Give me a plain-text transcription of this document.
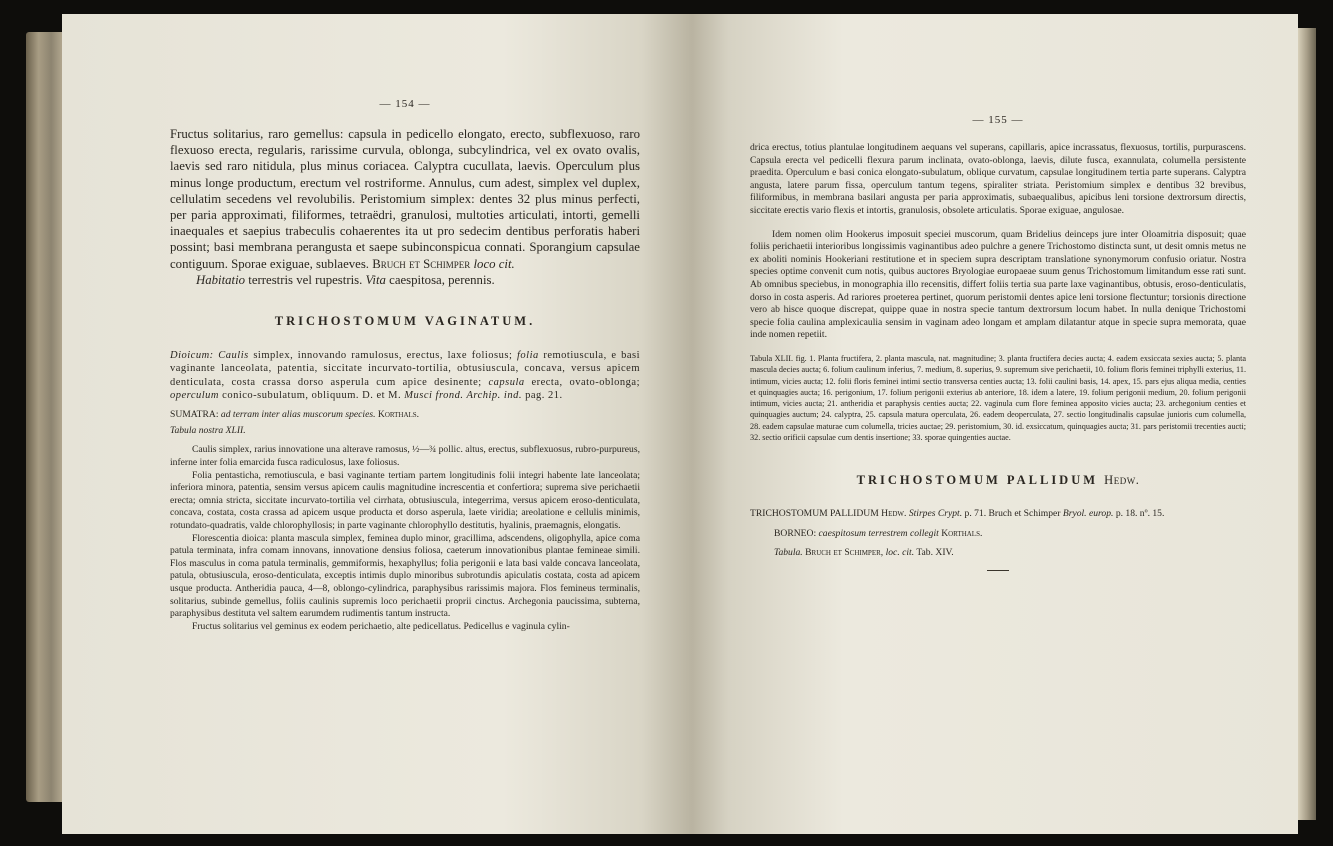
— 154 —

Fructus solitarius, raro gemellus: capsula in pedicello elongato, erecto, subflexuoso, raro flexuoso erecta, regularis, rarissime curvula, oblonga, subcylindrica, vel ex ovato ovalis, laevis sed raro nitidula, plus minus coriacea. Calyptra cucullata, laevis. Operculum plus minus longe productum, erectum vel rostriforme. Annulus, cum adest, simplex vel duplex, cellulatim secedens vel revolubilis. Peristomium simplex: dentes 32 plus minus perfecti, per paria approximati, filiformes, tetraëdri, granulosi, multoties articulati, intorti, gemelli inaequales et saepius trabeculis cohaerentes ita ut pro sedecim dentibus perforatis haberi possint; basi membrana perangusta et saepe subinconspicua connati. Sporangium capsulae contiguum. Sporae exiguae, sublaeves. Bruch et Schimper loco cit.

Habitatio terrestris vel rupestris. Vita caespitosa, perennis.

TRICHOSTOMUM VAGINATUM.

Dioicum: Caulis simplex, innovando ramulosus, erectus, laxe foliosus; folia remotiuscula, e basi vaginante lanceolata, patentia, siccitate incurvato-tortilia, obtusiuscula, concava, versus apicem denticulata, costa crassa dorso asperula cum apice desinente; capsula erecta, ovato-oblonga; operculum conico-subulatum, obliquum. D. et M. Musci frond. Archip. ind. pag. 21.

SUMATRA: ad terram inter alias muscorum species. Korthals.

Tabula nostra XLII.

Caulis simplex, rarius innovatione una alterave ramosus, ½—¾ pollic. altus, erectus, subflexuosus, rubro-purpureus, inferne inter folia emarcida fusca radiculosus, laxe foliosus.

Folia pentasticha, remotiuscula, e basi vaginante tertiam partem longitudinis folii integri habente late lanceolata; inferiora minora, patentia, sensim versus apicem caulis magnitudine increscentia et confertiora; suprema sive perichaetii erecta; omnia stricta, siccitate incurvato-tortilia vel cirrhata, obtusiuscula, integerrima, versus apicem eroso-denticulata, concava, costata, costa crassa ad apicem usque producta et dorso asperula, laete viridia; areolatione e cellulis minimis, rotundato-quadratis, valde chlorophyllosis; in parte vaginante chlorophyllo destitutis, hyalinis, praemagnis, elongatis.

Florescentia dioica: planta mascula simplex, feminea duplo minor, gracillima, adscendens, oligophylla, apice coma patula terminata, infra comam innovans, innovatione densius foliosa, caeterum innovationibus plantae femineae simili. Flos masculus in coma patula terminalis, gemmiformis, hexaphyllus; folia perigonii e lata basi valde concava lanceolata, patula, obtusiuscula, eroso-denticulata, exceptis intimis duplo minoribus subrotundis apiculatis costata, costa ad apicem usque producta. Antheridia pauca, 4—8, oblongo-cylindrica, paraphysibus rarissimis majora. Flos femineus terminalis, solitarius, subinde gemellus, foliis caulinis supremis loco perichaetii proprii cinctus. Archegonia paucissima, subterna, paraphysibus destituta vel saltem earumdem rudimentis tantum instructa.

Fructus solitarius vel geminus ex eodem perichaetio, alte pedicellatus. Pedicellus e vaginula cylin-

— 155 —

drica erectus, totius plantulae longitudinem aequans vel superans, capillaris, apice incrassatus, flexuosus, tortilis, purpurascens. Capsula erecta vel pedicelli flexura parum inclinata, ovato-oblonga, laevis, dilute fusca, exannulata, columella persistente praedita. Operculum e basi conica elongato-subulatum, oblique curvatum, capsulae longitudinem tertia parte superans. Calyptra angusta, latere parum fissa, operculum tantum tegens, spiraliter striata. Peristomium simplex e dentibus 32 brevibus, filiformibus, in membrana basilari angusta per paria approximatis, subaequalibus, apicibus leni torsione dextrorsum directis, siccitate erectis vario flexis et intortis, granulosis, obsolete articulatis. Sporae exiguae, angulosae.

Idem nomen olim Hookerus imposuit speciei muscorum, quam Bridelius deinceps jure inter Oloamitria disposuit; quae foliis perichaetii interioribus longissimis vaginantibus adeo pulchre a genere Trichostomo distincta sunt, ut desit omnis metus ne ex aboliti nominis Hookeriani restitutione et in speciem supra descriptam translatione synonymorum confusio oriatur. Nostra species optime convenit cum notis, quibus auctores Bryologiae europaeae suum genus Trichostomum limitandum esse rati sunt. Ab omnibus speciebus, in monographia illo recensitis, differt foliis tertia sua parte laxe vaginantibus, obtusis, eroso-denticulatis, dorso in costa asperis. Ad rariores proeterea pertinet, quorum peristomii dentes apice leni torsione flectuntur; torsionis directione vero ab hisce quoque discrepat, quippe quae in nostra specie tantum dextrorsum locum habet. In nulla denique Trichostomi specie folia caulina amplexicaulia sensim in vaginam adeo longam et amplam dilatantur atque in specie supra memorata, quae inde nomen repetiit.

Tabula XLII. fig. 1. Planta fructifera, 2. planta mascula, nat. magnitudine; 3. planta fructifera decies aucta; 4. eadem exsiccata sexies aucta; 5. planta mascula decies aucta; 6. folium caulinum inferius, 7. medium, 8. superius, 9. supremum sive perichaetii, 10. folium floris feminei triphylli exterius, 11. intimum, vicies aucta; 12. folii floris feminei intimi sectio transversa centies aucta; 13. folii caulini basis, 14. apex, 15. pars ejus aliqua media, centies et quinquagies aucta; 16. perigonium, 17. folium perigonii exterius ab anteriore, 18. idem a latere, 19. folium perigonii medium, 20. folium perigonii intimum, vicies aucta; 21. antheridia et paraphysis centies aucta; 22. vaginula cum flore feminea apposito vicies aucta; 23. archegonium centies et quinquagies auctum; 24. calyptra, 25. capsula matura operculata, 26. eadem deoperculata, 27. sectio longitudinalis capsulae junioris cum columella, 28. eadem capsulae maturae cum columella, tricies auctae; 29. peristomium, 30. id. exsiccatum, quinquagies aucta; 31. pars peristomii trecenties aucti; 32. sectio orificii capsulae cum dentis insertione; 33. sporae quingenties auctae.

TRICHOSTOMUM PALLIDUM Hedw.

TRICHOSTOMUM PALLIDUM Hedw. Stirpes Crypt. p. 71. Bruch et Schimper Bryol. europ. p. 18. nº. 15.

BORNEO: caespitosum terrestrem collegit Korthals.

Tabula. Bruch et Schimper, loc. cit. Tab. XIV.
